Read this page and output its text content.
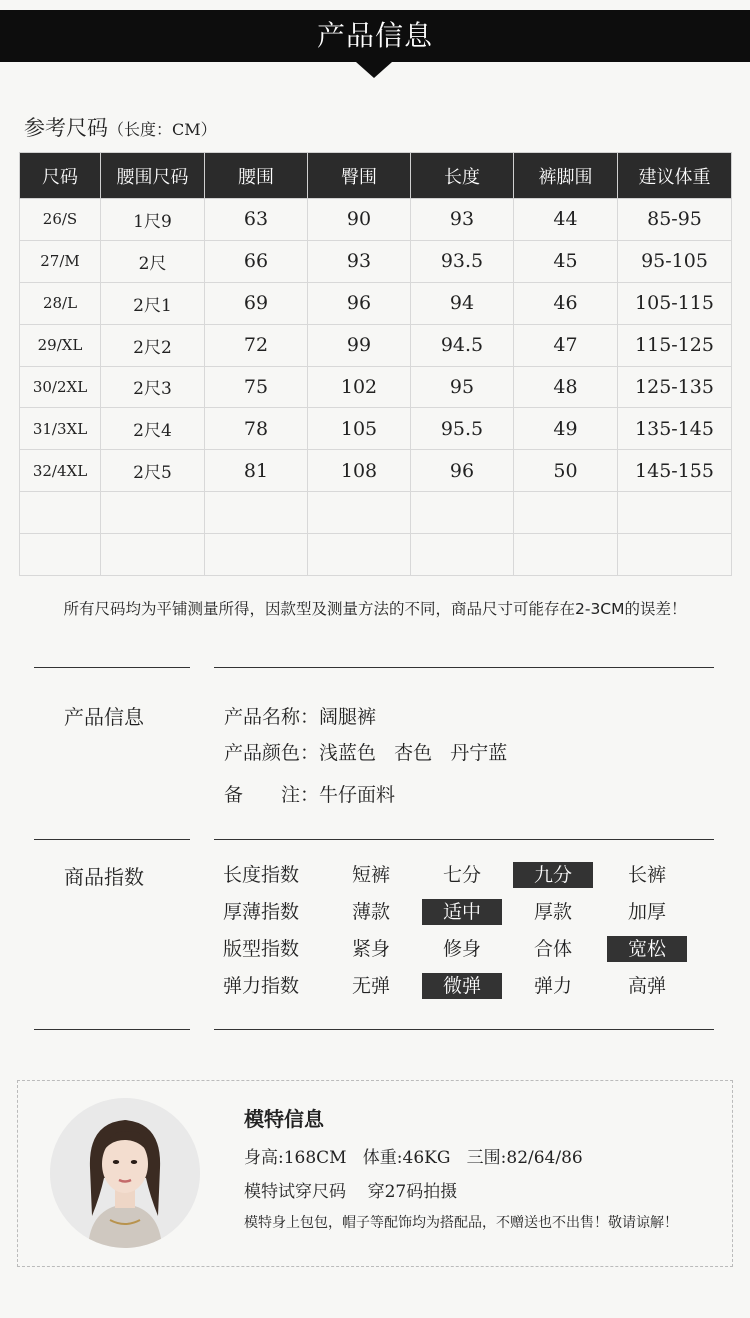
产品信息
参考尺码（长度：CM）
尺码	腰围尺码	腰围	臀围	长度	裤脚围	建议体重
26/S	1尺9	63	90	93	44	85-95
27/M	2尺	66	93	93.5	45	95-105
28/L	2尺1	69	96	94	46	105-115
29/XL	2尺2	72	99	94.5	47	115-125
30/2XL	2尺3	75	102	95	48	125-135
31/3XL	2尺4	78	105	95.5	49	135-145
32/4XL	2尺5	81	108	96	50	145-155

所有尺码均为平铺测量所得，因款型及测量方法的不同，商品尺寸可能存在2-3CM的误差！
产品信息	产品名称：阔腿裤
产品颜色：浅蓝色   杏色   丹宁蓝
备　　注：牛仔面料
商品指数	长度指数	短裤	七分	九分	长裤
厚薄指数	薄款	适中	厚款	加厚
版型指数	紧身	修身	合体	宽松
弹力指数	无弹	微弹	弹力	高弹
模特信息
身高:168CM   体重:46KG   三围:82/64/86
模特试穿尺码    穿27码拍摄
模特身上包包，帽子等配饰均为搭配品，不赠送也不出售！敬请谅解！
